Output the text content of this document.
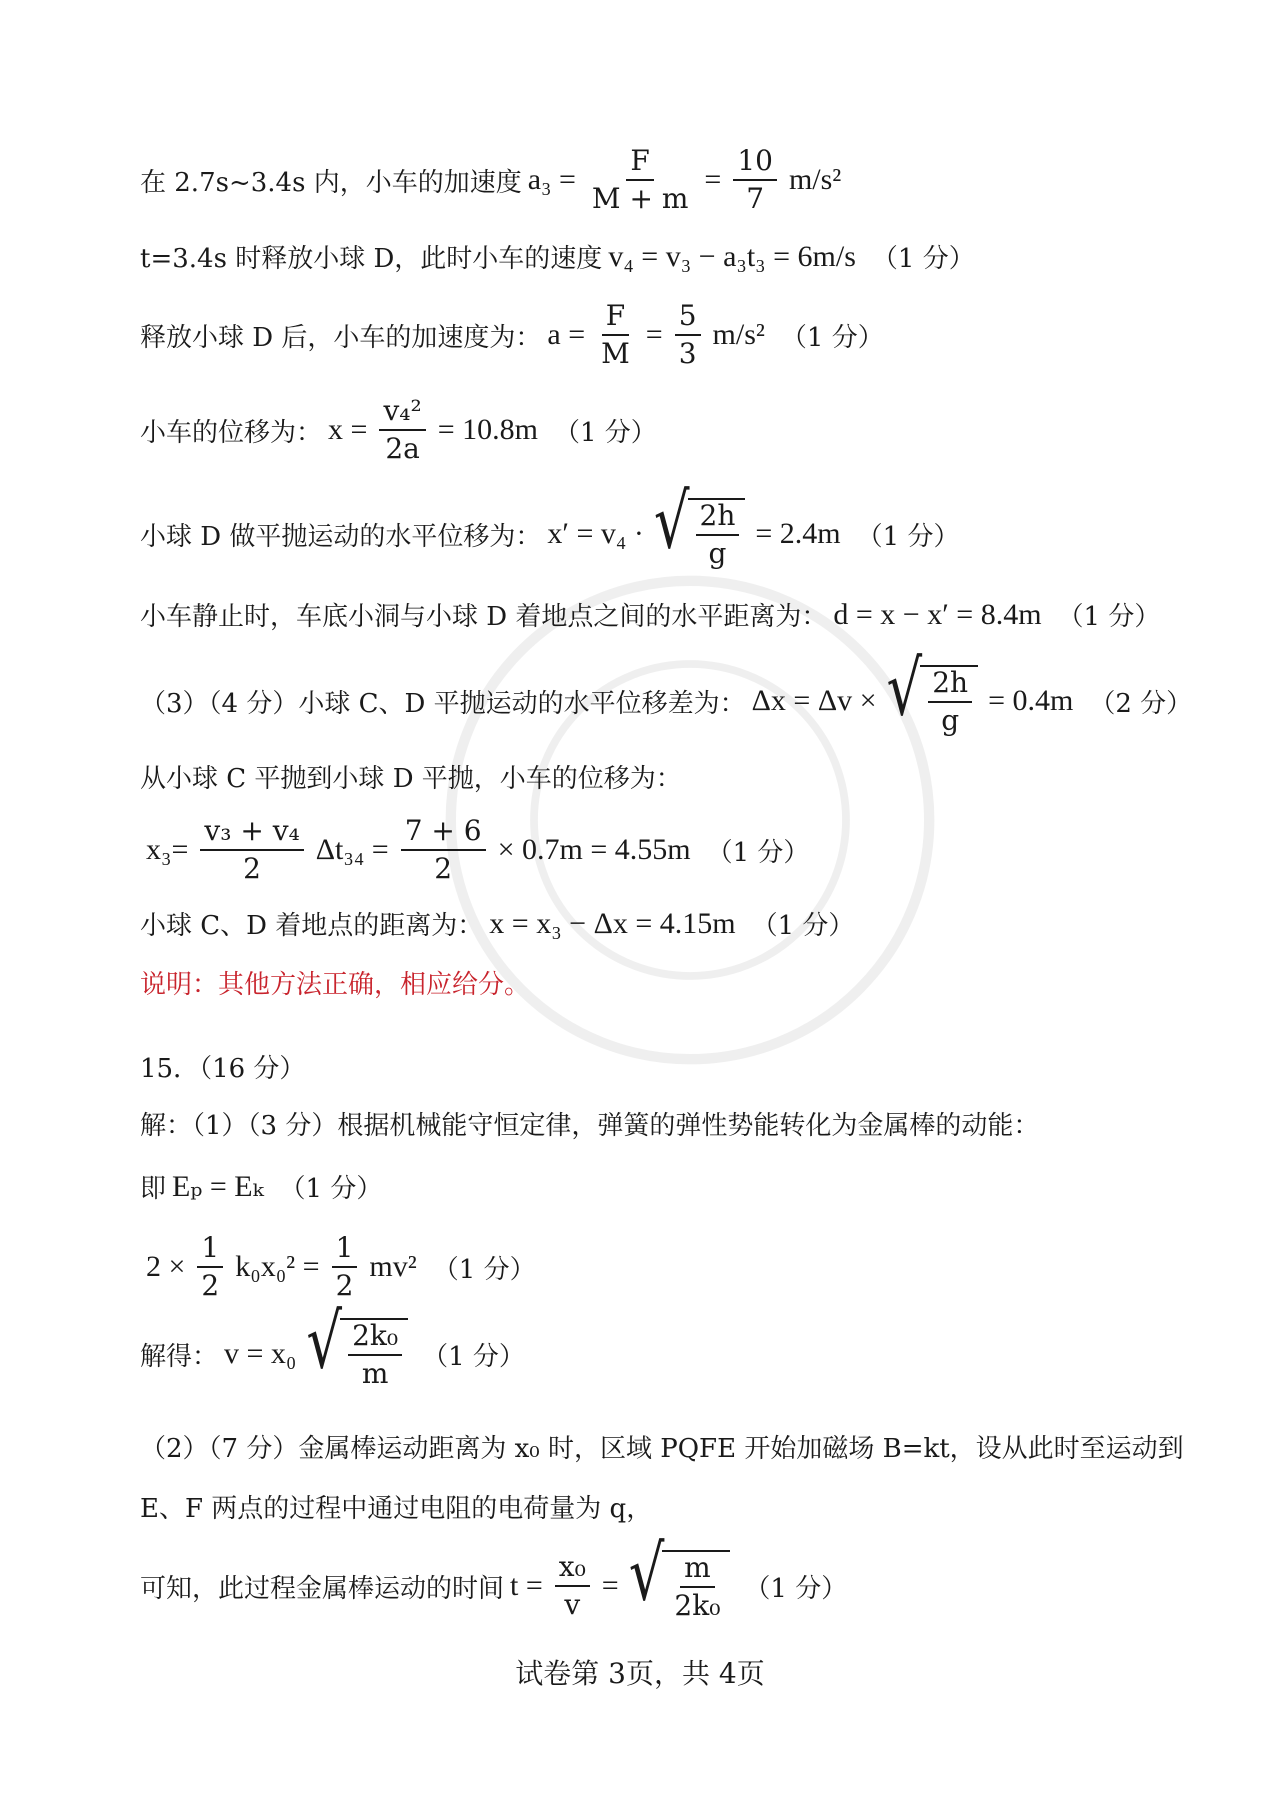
在 2.7s~3.4s 内，小车的加速度 $a_3 = \frac{F}{M + m} = \frac{10}{7} m/s^2$
t=3.4s 时释放小球 D，此时小车的速度 v₄ = v₃ − a₃t₃ = 6m/s （1 分）
释放小球 D 后，小车的加速度为： $a = \frac{F}{M} = \frac{5}{3} m/s^2$ （1 分）
小车的位移为： $x = \frac{\text{v₄²}}{2a} = 10.8m$ （1 分）
小球 D 做平抛运动的水平位移为： x′ = v₄ · √ $\frac{2h}{g} = 2.4m$ （1 分）
小车静止时，车底小洞与小球 D 着地点之间的水平距离为： d = x − x′ = 8.4m （1 分）
（3）（4 分）小球 C、D 平抛运动的水平位移差为： Δx = Δv × √ $\frac{2h}{g} = 0.4m$ （2 分）
从小球 C 平抛到小球 D 平抛，小车的位移为：
$x_3= \frac{\text{v₃ + v₄}}{2} \Delta t_{34} = \frac{7 + 6}{2} \times 0.7m = 4.55m$ （1 分）
小球 C、D 着地点的距离为： x = x₃ − Δx = 4.15m （1 分）
说明：其他方法正确，相应给分。
15．（16 分）
解：（1）（3 分）根据机械能守恒定律，弹簧的弹性势能转化为金属棒的动能：
即 Eₚ = Eₖ （1 分）
$2 \times \frac{1}{2} k_0x_0^2 = \frac{1}{2} mv^2$ （1 分）
解得： v = x₀ √ $\frac{\text{2k₀}}{m} (1$ 分）
（2）（7 分）金属棒运动距离为 x₀ 时，区域 PQFE 开始加磁场 B=kt，设从此时至运动到
E、F 两点的过程中通过电阻的电荷量为 q，
可知，此过程金属棒运动的时间 $t = \frac{\text{x₀}}{v}$ = √ $\frac{m}{\text{2k₀}} (1$ 分）
试卷第 3页，共 4页
